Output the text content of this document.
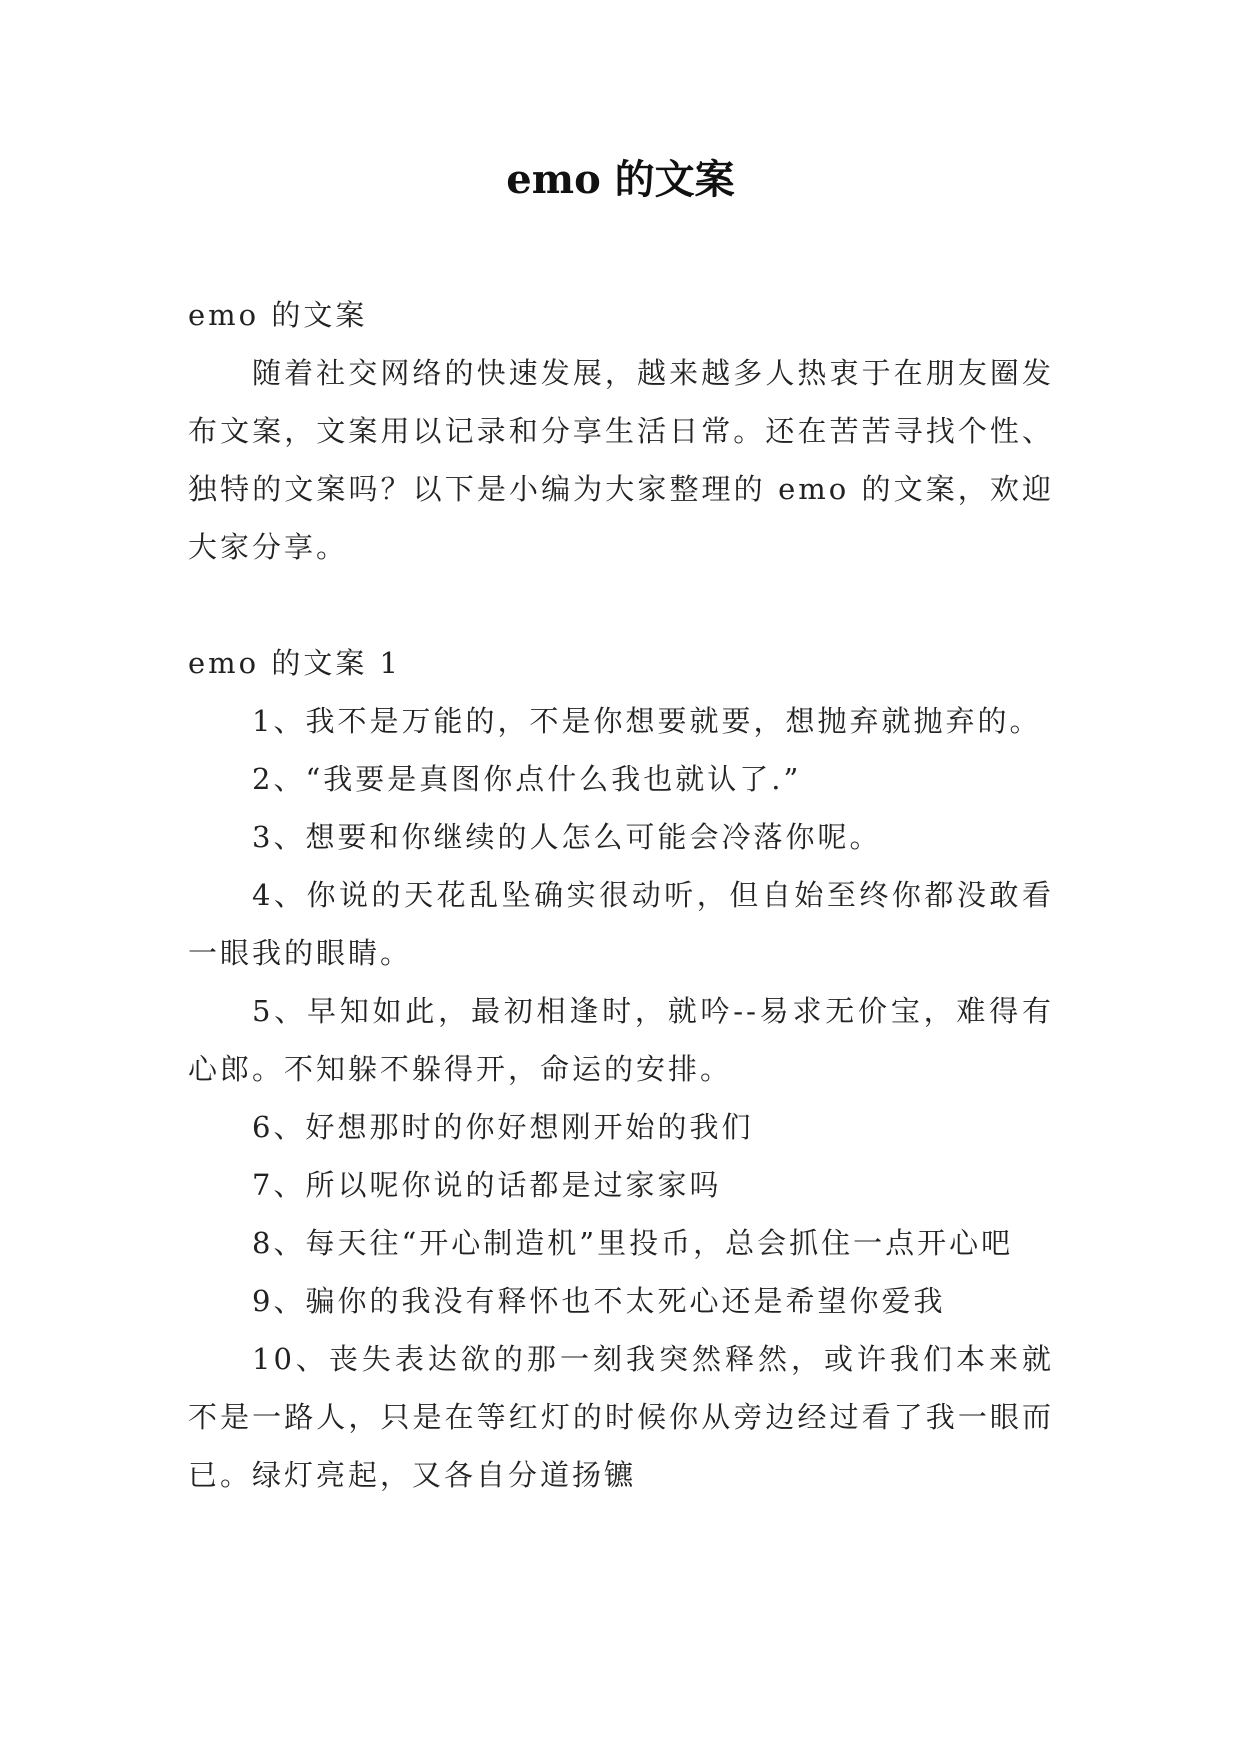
emo 的文案

emo 的文案

随着社交网络的快速发展，越来越多人热衷于在朋友圈发布文案，文案用以记录和分享生活日常。还在苦苦寻找个性、独特的文案吗？以下是小编为大家整理的 emo 的文案，欢迎大家分享。

emo 的文案 1

1、我不是万能的，不是你想要就要，想抛弃就抛弃的。

2、“我要是真图你点什么我也就认了.”

3、想要和你继续的人怎么可能会冷落你呢。

4、你说的天花乱坠确实很动听，但自始至终你都没敢看一眼我的眼睛。

5、早知如此，最初相逢时，就吟--易求无价宝，难得有心郎。不知躲不躲得开，命运的安排。

6、好想那时的你好想刚开始的我们

7、所以呢你说的话都是过家家吗

8、每天往“开心制造机”里投币，总会抓住一点开心吧

9、骗你的我没有释怀也不太死心还是希望你爱我

10、丧失表达欲的那一刻我突然释然，或许我们本来就不是一路人，只是在等红灯的时候你从旁边经过看了我一眼而已。绿灯亮起，又各自分道扬镳
